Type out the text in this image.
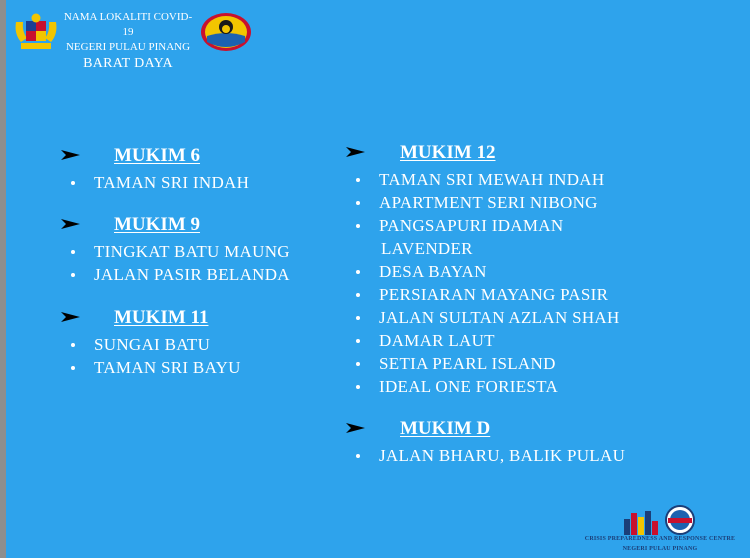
NAMA LOKALITI COVID-
19
NEGERI PULAU PINANG
BARAT DAYA
MUKIM 6
TAMAN SRI INDAH
MUKIM 9
TINGKAT BATU MAUNG
JALAN PASIR BELANDA
MUKIM 11
SUNGAI BATU
TAMAN SRI BAYU
MUKIM 12
TAMAN SRI MEWAH INDAH
APARTMENT SERI NIBONG
PANGSAPURI IDAMAN
LAVENDER
DESA BAYAN
PERSIARAN MAYANG PASIR
JALAN SULTAN AZLAN SHAH
DAMAR LAUT
SETIA PEARL ISLAND
IDEAL ONE FORIESTA
MUKIM D
JALAN BHARU, BALIK PULAU
CRISIS PREPAREDNESS AND RESPONSE CENTRE
NEGERI PULAU PINANG
